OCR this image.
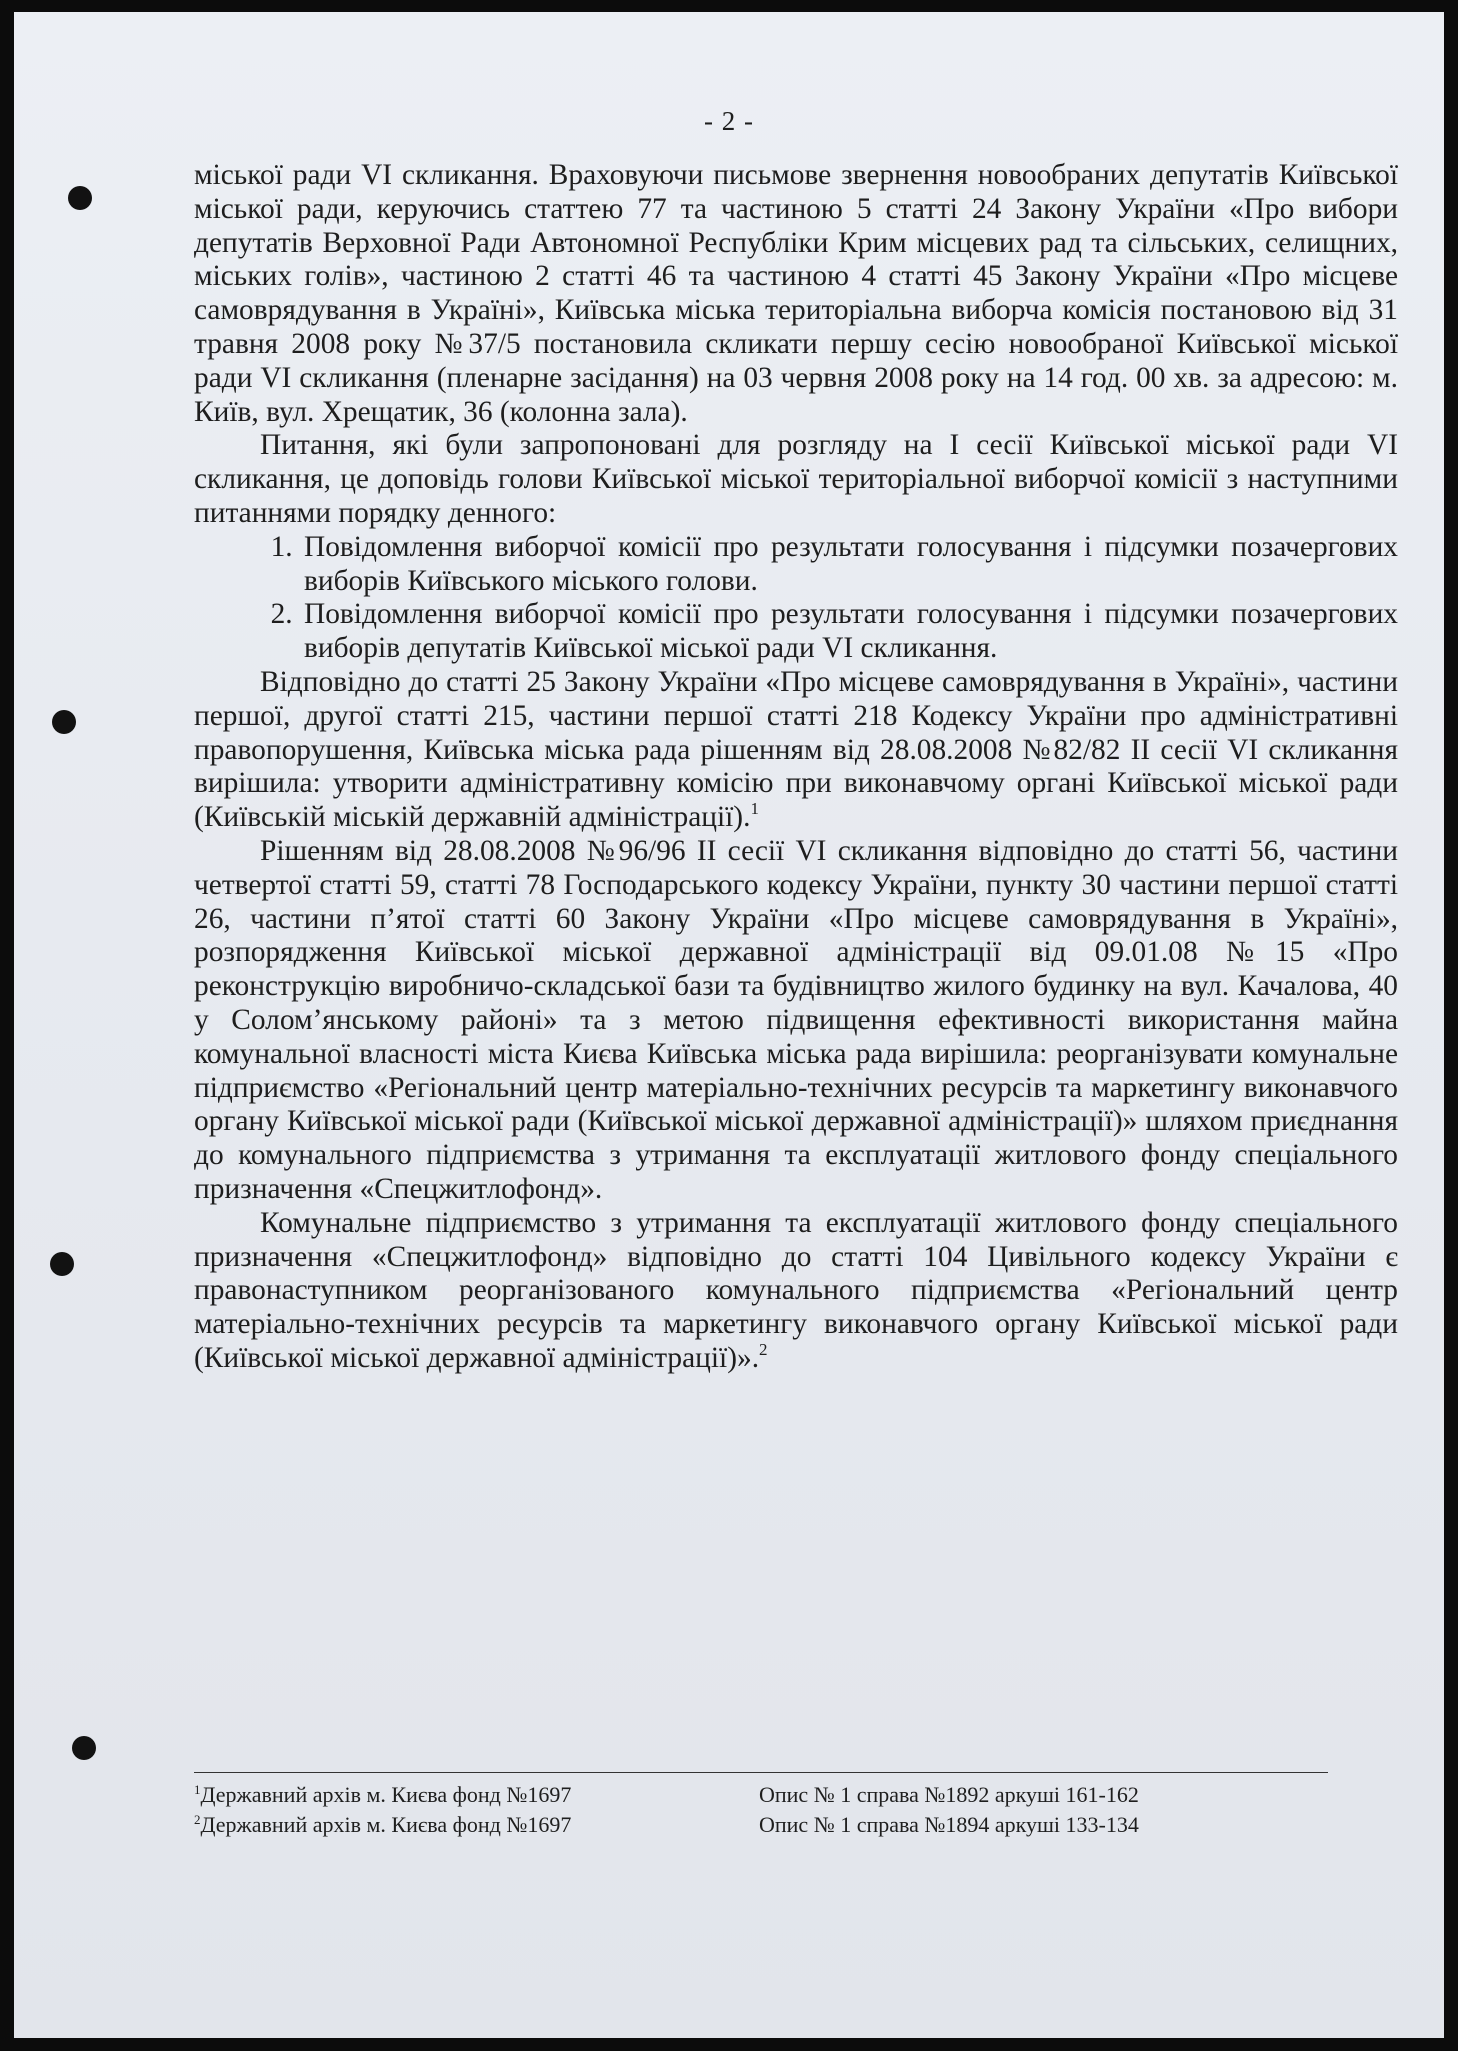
- 2 -

міської ради VI скликання. Враховуючи письмове звернення новообраних депутатів Київської міської ради, керуючись статтею 77 та частиною 5 статті 24 Закону України «Про вибори депутатів Верховної Ради Автономної Республіки Крим місцевих рад та сільських, селищних, міських голів», частиною 2 статті 46 та частиною 4 статті 45 Закону України «Про місцеве самоврядування в Україні», Київська міська територіальна виборча комісія постановою від 31 травня 2008 року №37/5 постановила скликати першу сесію новообраної Київської міської ради VI скликання (пленарне засідання) на 03 червня 2008 року на 14 год. 00 хв. за адресою: м. Київ, вул. Хрещатик, 36 (колонна зала).

Питання, які були запропоновані для розгляду на І сесії Київської міської ради VI скликання, це доповідь голови Київської міської територіальної виборчої комісії з наступними питаннями порядку денного:

1. Повідомлення виборчої комісії про результати голосування і підсумки позачергових виборів Київського міського голови.
2. Повідомлення виборчої комісії про результати голосування і підсумки позачергових виборів депутатів Київської міської ради VI скликання.

Відповідно до статті 25 Закону України «Про місцеве самоврядування в Україні», частини першої, другої статті 215, частини першої статті 218 Кодексу України про адміністративні правопорушення, Київська міська рада рішенням від 28.08.2008 №82/82 ІІ сесії VI скликання вирішила: утворити адміністративну комісію при виконавчому органі Київської міської ради (Київській міській державній адміністрації).$^1$

Рішенням від 28.08.2008 №96/96 ІІ сесії VI скликання відповідно до статті 56, частини четвертої статті 59, статті 78 Господарського кодексу України, пункту 30 частини першої статті 26, частини п’ятої статті 60 Закону України «Про місцеве самоврядування в Україні», розпорядження Київської міської державної адміністрації від 09.01.08 №15 «Про реконструкцію виробничо-складської бази та будівництво жилого будинку на вул. Качалова, 40 у Солом’янському районі» та з метою підвищення ефективності використання майна комунальної власності міста Києва Київська міська рада вирішила: реорганізувати комунальне підприємство «Регіональний центр матеріально-технічних ресурсів та маркетингу виконавчого органу Київської міської ради (Київської міської державної адміністрації)» шляхом приєднання до комунального підприємства з утримання та експлуатації житлового фонду спеціального призначення «Спецжитлофонд».

Комунальне підприємство з утримання та експлуатації житлового фонду спеціального призначення «Спецжитлофонд» відповідно до статті 104 Цивільного кодексу України є правонаступником реорганізованого комунального підприємства «Регіональний центр матеріально-технічних ресурсів та маркетингу виконавчого органу Київської міської ради (Київської міської державної адміністрації)».$^2$

$^1$Державний архів м. Києва фонд №1697	Опис № 1 справа №1892 аркуші 161-162
$^2$Державний архів м. Києва фонд №1697	Опис № 1 справа №1894 аркуші 133-134
